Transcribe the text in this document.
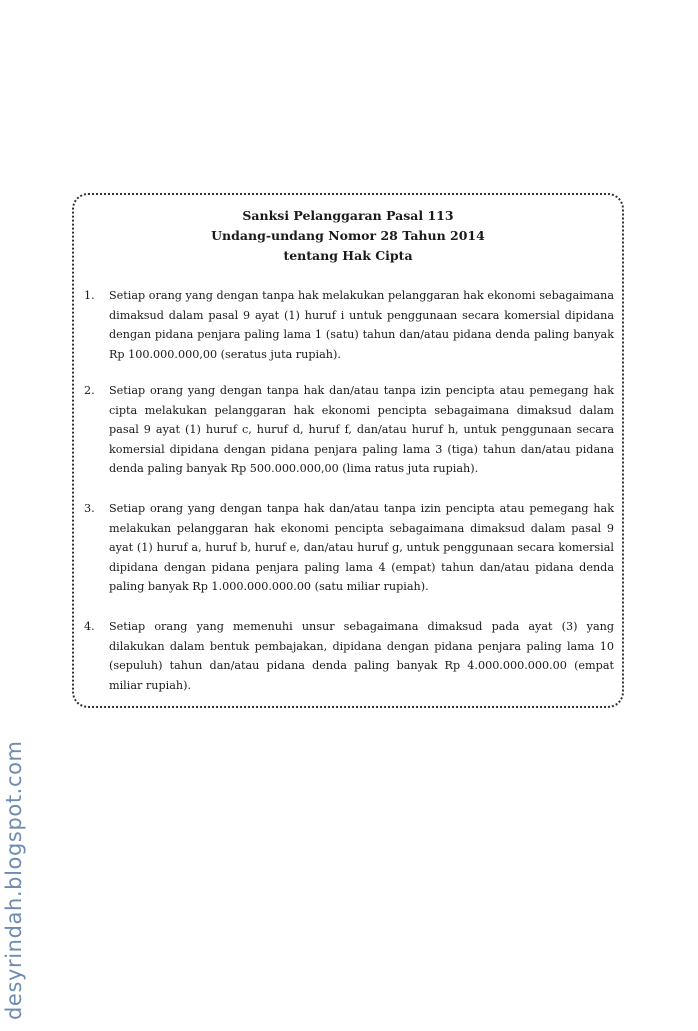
Sanksi Pelanggaran Pasal 113
Undang-undang Nomor 28 Tahun 2014
tentang Hak Cipta
1.	Setiap orang yang dengan tanpa hak melakukan pelanggaran hak ekonomi sebagaimana dimaksud dalam pasal 9 ayat (1) huruf i untuk penggunaan secara komersial dipidana dengan pidana penjara paling lama 1 (satu) tahun dan/atau pidana denda paling banyak Rp 100.000.000,00 (seratus juta rupiah).
2.	Setiap orang yang dengan tanpa hak dan/atau tanpa izin pencipta atau pemegang hak cipta melakukan pelanggaran hak ekonomi pencipta sebagaimana dimaksud dalam pasal 9 ayat (1) huruf c, huruf d, huruf f, dan/atau huruf h, untuk penggunaan secara komersial dipidana dengan pidana penjara paling lama 3 (tiga) tahun dan/atau pidana denda paling banyak Rp 500.000.000,00 (lima ratus juta rupiah).
3.	Setiap orang yang dengan tanpa hak dan/atau tanpa izin pencipta atau pemegang hak melakukan pelanggaran hak ekonomi pencipta sebagaimana dimaksud dalam pasal 9 ayat (1) huruf a, huruf b, huruf e, dan/atau huruf g, untuk penggunaan secara komersial dipidana dengan pidana penjara paling lama 4 (empat) tahun dan/atau pidana denda paling banyak Rp 1.000.000.000.00 (satu miliar rupiah).
4.	Setiap orang yang memenuhi unsur sebagaimana dimaksud pada ayat (3) yang dilakukan dalam bentuk pembajakan, dipidana dengan pidana penjara paling lama 10 (sepuluh) tahun dan/atau pidana denda paling banyak Rp 4.000.000.000.00 (empat miliar rupiah).
desyrindah.blogspot.com
